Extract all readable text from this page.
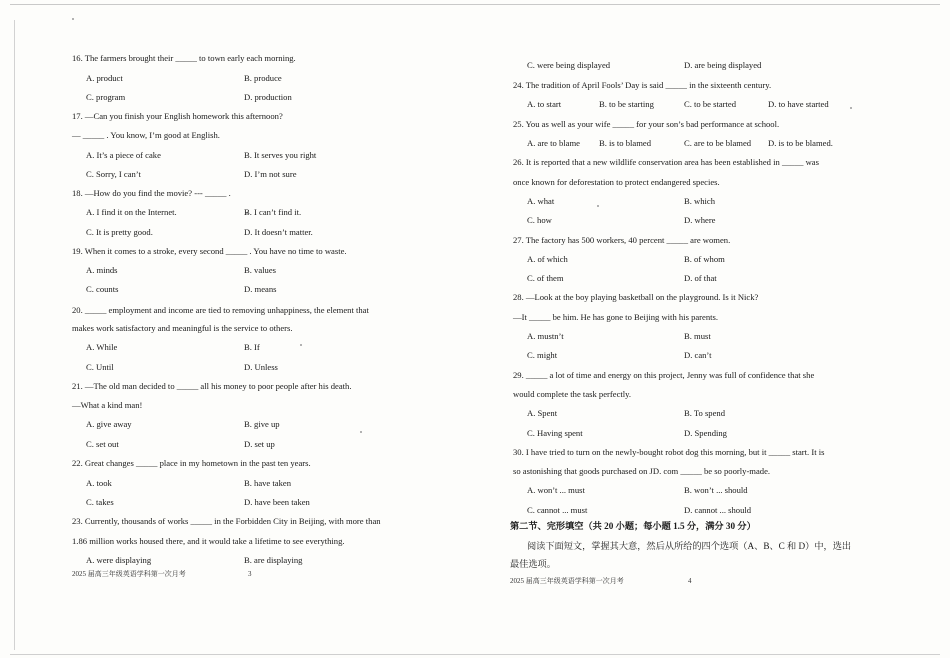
16. The farmers brought their _____ to town early each morning.
A. product	B. produce
C. program	D. production
17. —Can you finish your English homework this afternoon?
— _____ . You know, I’m good at English.
A. It’s a piece of cake	B. It serves you right
C. Sorry, I can’t	D. I’m not sure
18. —How do you find the movie? --- _____ .
A. I find it on the Internet.	B. I can’t find it.
C. It is pretty good.	D. It doesn’t matter.
19. When it comes to a stroke, every second _____ . You have no time to waste.
A. minds	B. values
C. counts	D. means
20. _____ employment and income are tied to removing unhappiness, the element that
makes work satisfactory and meaningful is the service to others.
A. While	B. If
C. Until	D. Unless
21. —The old man decided to _____ all his money to poor people after his death.
—What a kind man!
A. give away	B. give up
C. set out	D. set up
22. Great changes _____ place in my hometown in the past ten years.
A. took	B. have taken
C. takes	D. have been taken
23. Currently, thousands of works _____ in the Forbidden City in Beijing, with more than
1.86 million works housed there, and it would take a lifetime to see everything.
A. were displaying	B. are displaying
2025 届高三年级英语学科第一次月考	3
C. were being displayed	D. are being displayed
24. The tradition of April Fools’ Day is said _____ in the sixteenth century.
A. to start	B. to be starting	C. to be started	D. to have started
25. You as well as your wife _____ for your son’s bad performance at school.
A. are to blame B. is to blamed	C. are to be blamed D. is to be blamed.
26. It is reported that a new wildlife conservation area has been established in _____ was
once known for deforestation to protect endangered species.
A. what	B. which
C. how	D. where
27. The factory has 500 workers, 40 percent _____ are women.
A. of which	B. of whom
C. of them	D. of that
28. —Look at the boy playing basketball on the playground. Is it Nick?
—It _____ be him. He has gone to Beijing with his parents.
A. mustn’t	B. must
C. might	D. can’t
29. _____ a lot of time and energy on this project, Jenny was full of confidence that she
would complete the task perfectly.
A. Spent	B. To spend
C. Having spent	D. Spending
30. I have tried to turn on the newly-bought robot dog this morning, but it _____ start. It is
so astonishing that goods purchased on JD. com _____ be so poorly-made.
A. won’t ... must	B. won’t ... should
C. cannot ... must	D. cannot ... should
第二节、完形填空（共 20 小题；每小题 1.5 分，满分 30 分）
阅读下面短文，掌握其大意，然后从所给的四个选项（A、B、C 和 D）中，选出
最佳选项。
2025 届高三年级英语学科第一次月考	4
